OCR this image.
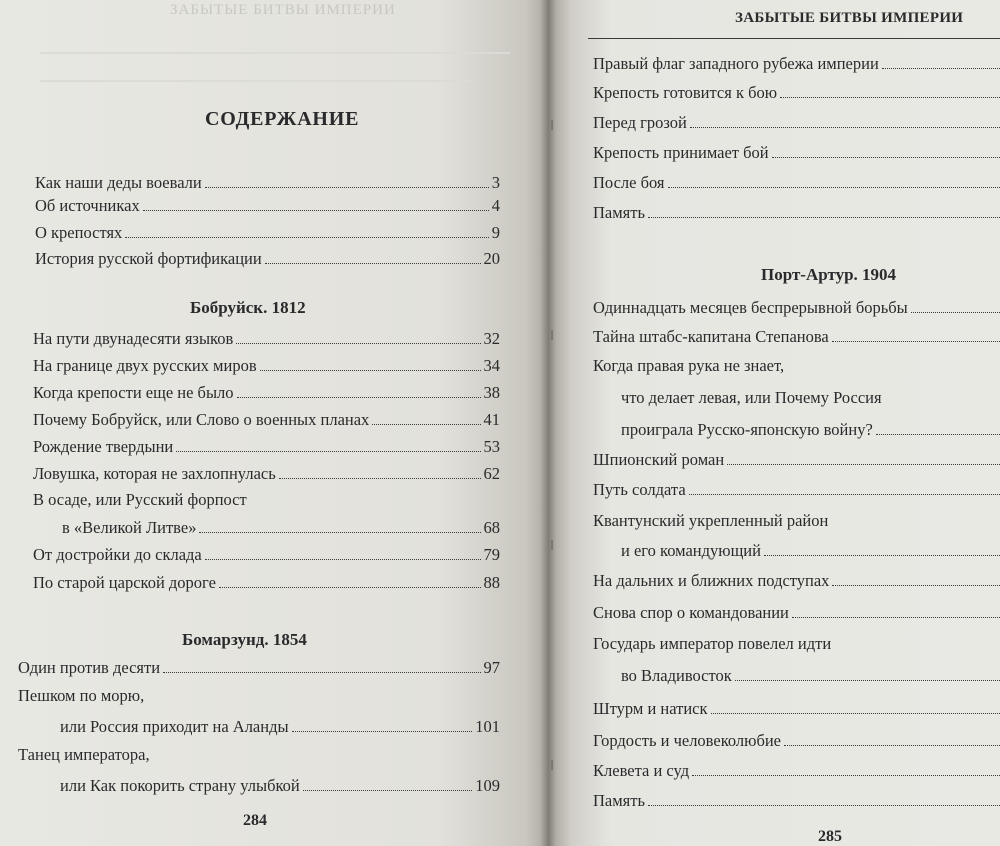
ЗАБЫТЫЕ БИТВЫ ИМПЕРИИ
СОДЕРЖАНИЕ
Как наши деды воевали	3
Об источниках	4
О крепостях	9
История русской фортификации	20
Бобруйск. 1812
На пути двунадесяти языков	32
На границе двух русских миров	34
Когда крепости еще не было	38
Почему Бобруйск, или Слово о военных планах	41
Рождение твердыни	53
Ловушка, которая не захлопнулась	62
В осаде, или Русский форпост
в «Великой Литве»	68
От достройки до склада	79
По старой царской дороге	88
Бомарзунд. 1854
Один против десяти	97
Пешком по морю,
или Россия приходит на Аланды	101
Танец императора,
или Как покорить страну улыбкой	109
284
ЗАБЫТЫЕ БИТВЫ ИМПЕРИИ
Правый флаг западного рубежа империи
Крепость готовится к бою
Перед грозой
Крепость принимает бой
После боя
Память
Порт-Артур. 1904
Одиннадцать месяцев беспрерывной борьбы
Тайна штабс-капитана Степанова
Когда правая рука не знает,
что делает левая, или Почему Россия
проиграла Русско-японскую войну?
Шпионский роман
Путь солдата
Квантунский укрепленный район
и его командующий
На дальних и ближних подступах
Снова спор о командовании
Государь император повелел идти
во Владивосток
Штурм и натиск
Гордость и человеколюбие
Клевета и суд
Память
285
